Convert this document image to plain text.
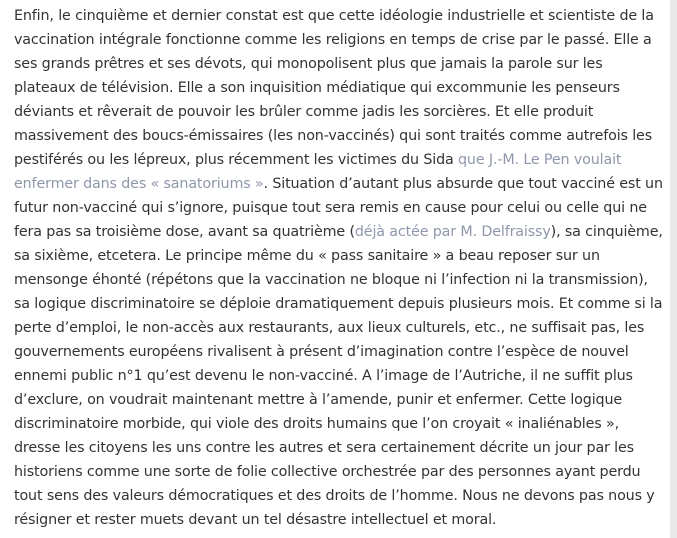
Enfin, le cinquième et dernier constat est que cette idéologie industrielle et scientiste de la vaccination intégrale fonctionne comme les religions en temps de crise par le passé. Elle a ses grands prêtres et ses dévots, qui monopolisent plus que jamais la parole sur les plateaux de télévision. Elle a son inquisition médiatique qui excommunie les penseurs déviants et rêverait de pouvoir les brûler comme jadis les sorcières. Et elle produit massivement des boucs-émissaires (les non-vaccinés) qui sont traités comme autrefois les pestiférés ou les lépreux, plus récemment les victimes du Sida que J.-M. Le Pen voulait enfermer dans des « sanatoriums ». Situation d’autant plus absurde que tout vacciné est un futur non-vacciné qui s’ignore, puisque tout sera remis en cause pour celui ou celle qui ne fera pas sa troisième dose, avant sa quatrième (déjà actée par M. Delfraissy), sa cinquième, sa sixième, etcetera. Le principe même du « pass sanitaire » a beau reposer sur un mensonge éhonté (répétons que la vaccination ne bloque ni l’infection ni la transmission), sa logique discriminatoire se déploie dramatiquement depuis plusieurs mois. Et comme si la perte d’emploi, le non-accès aux restaurants, aux lieux culturels, etc., ne suffisait pas, les gouvernements européens rivalisent à présent d’imagination contre l’espèce de nouvel ennemi public n°1 qu’est devenu le non-vacciné. A l’image de l’Autriche, il ne suffit plus d’exclure, on voudrait maintenant mettre à l’amende, punir et enfermer. Cette logique discriminatoire morbide, qui viole des droits humains que l’on croyait « inaliénables », dresse les citoyens les uns contre les autres et sera certainement décrite un jour par les historiens comme une sorte de folie collective orchestrée par des personnes ayant perdu tout sens des valeurs démocratiques et des droits de l’homme. Nous ne devons pas nous y résigner et rester muets devant un tel désastre intellectuel et moral.
